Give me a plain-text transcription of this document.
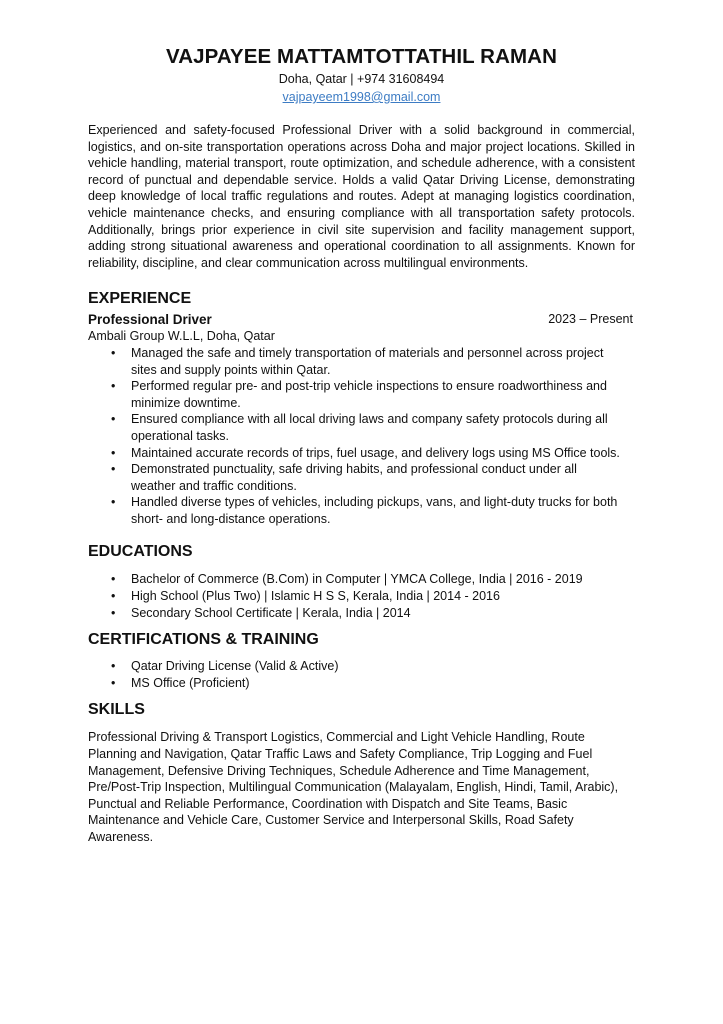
VAJPAYEE MATTAMTOTTATHIL RAMAN
Doha, Qatar | +974 31608494
vajpayeem1998@gmail.com
Experienced and safety-focused Professional Driver with a solid background in commercial, logistics, and on-site transportation operations across Doha and major project locations. Skilled in vehicle handling, material transport, route optimization, and schedule adherence, with a consistent record of punctual and dependable service. Holds a valid Qatar Driving License, demonstrating deep knowledge of local traffic regulations and routes. Adept at managing logistics coordination, vehicle maintenance checks, and ensuring compliance with all transportation safety protocols. Additionally, brings prior experience in civil site supervision and facility management support, adding strong situational awareness and operational coordination to all assignments. Known for reliability, discipline, and clear communication across multilingual environments.
EXPERIENCE
Professional Driver	2023 – Present
Ambali Group W.L.L, Doha, Qatar
• Managed the safe and timely transportation of materials and personnel across project sites and supply points within Qatar.
• Performed regular pre- and post-trip vehicle inspections to ensure roadworthiness and minimize downtime.
• Ensured compliance with all local driving laws and company safety protocols during all operational tasks.
• Maintained accurate records of trips, fuel usage, and delivery logs using MS Office tools.
• Demonstrated punctuality, safe driving habits, and professional conduct under all weather and traffic conditions.
• Handled diverse types of vehicles, including pickups, vans, and light-duty trucks for both short- and long-distance operations.
EDUCATIONS
• Bachelor of Commerce (B.Com) in Computer | YMCA College, India | 2016 - 2019
• High School (Plus Two) | Islamic H S S, Kerala, India | 2014 - 2016
• Secondary School Certificate | Kerala, India | 2014
CERTIFICATIONS & TRAINING
• Qatar Driving License (Valid & Active)
• MS Office (Proficient)
SKILLS
Professional Driving & Transport Logistics, Commercial and Light Vehicle Handling, Route Planning and Navigation, Qatar Traffic Laws and Safety Compliance, Trip Logging and Fuel Management, Defensive Driving Techniques, Schedule Adherence and Time Management, Pre/Post-Trip Inspection, Multilingual Communication (Malayalam, English, Hindi, Tamil, Arabic), Punctual and Reliable Performance, Coordination with Dispatch and Site Teams, Basic Maintenance and Vehicle Care, Customer Service and Interpersonal Skills, Road Safety Awareness.
